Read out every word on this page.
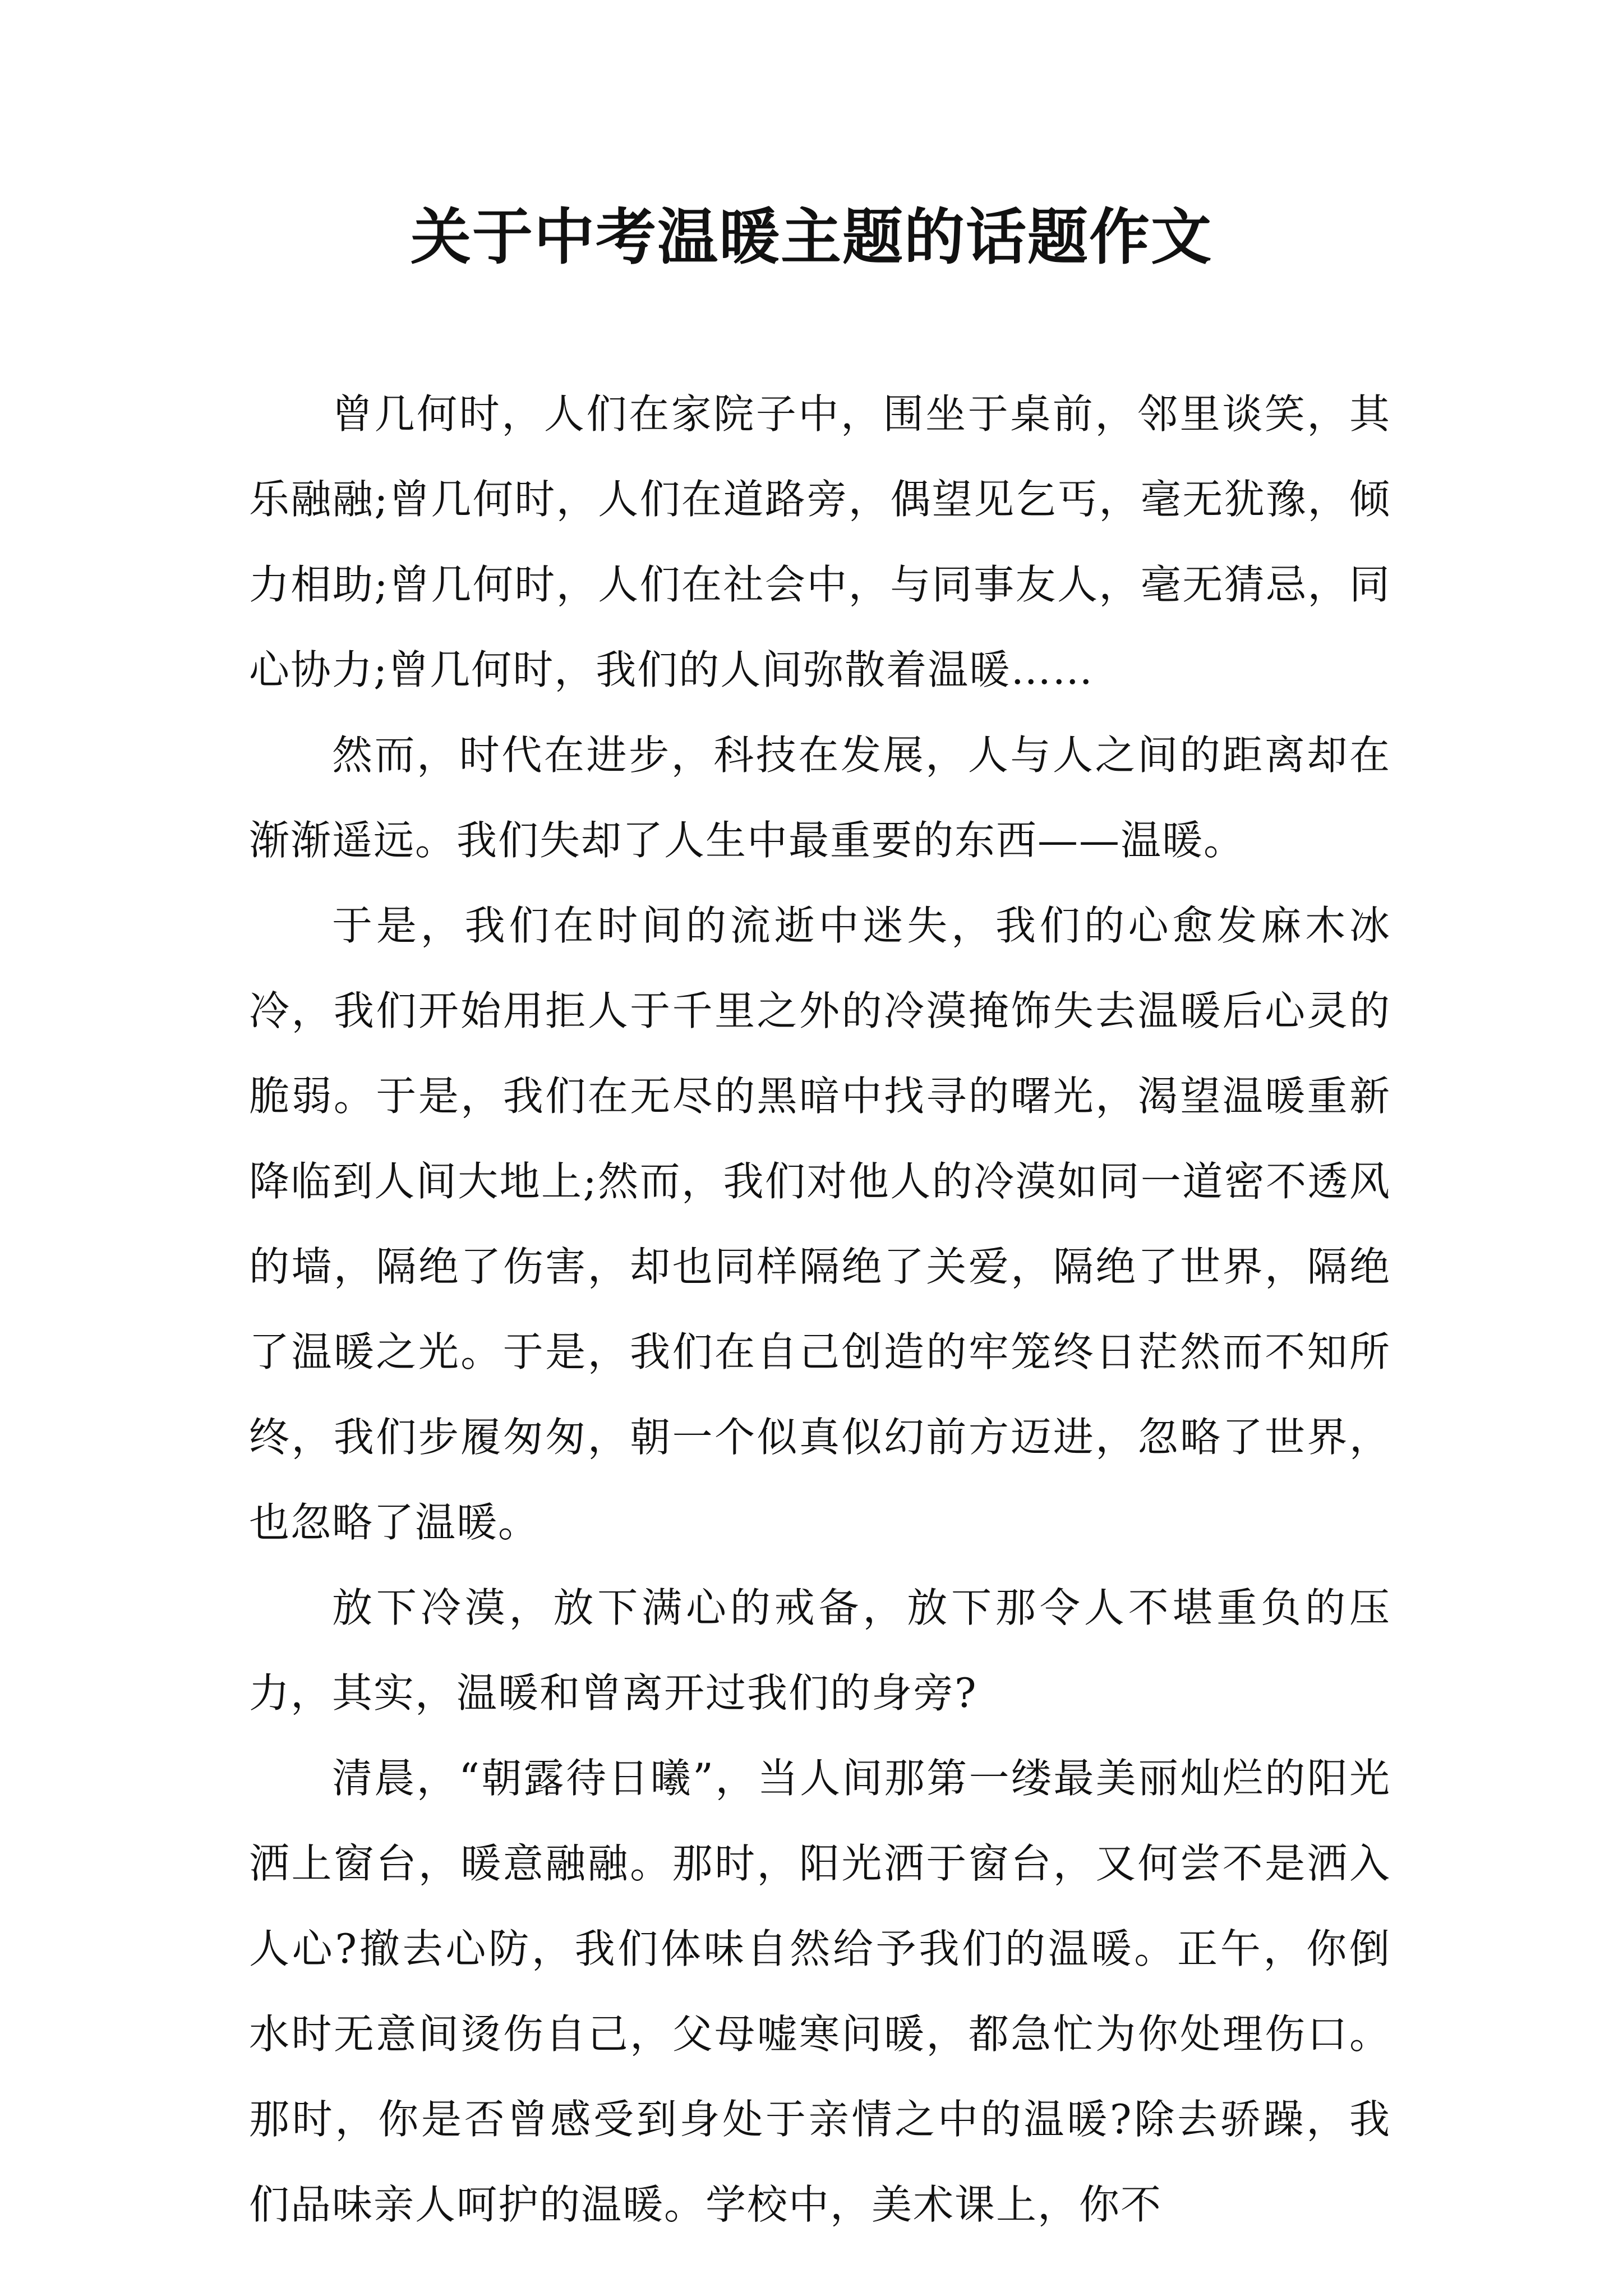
关于中考温暖主题的话题作文

曾几何时，人们在家院子中，围坐于桌前，邻里谈笑，其乐融融;曾几何时，人们在道路旁，偶望见乞丐，毫无犹豫，倾力相助;曾几何时，人们在社会中，与同事友人，毫无猜忌，同心协力;曾几何时，我们的人间弥散着温暖……

然而，时代在进步，科技在发展，人与人之间的距离却在渐渐遥远。我们失却了人生中最重要的东西——温暖。

于是，我们在时间的流逝中迷失，我们的心愈发麻木冰冷，我们开始用拒人于千里之外的冷漠掩饰失去温暖后心灵的脆弱。于是，我们在无尽的黑暗中找寻的曙光，渴望温暖重新降临到人间大地上;然而，我们对他人的冷漠如同一道密不透风的墙，隔绝了伤害，却也同样隔绝了关爱，隔绝了世界，隔绝了温暖之光。于是，我们在自己创造的牢笼终日茫然而不知所终，我们步履匆匆，朝一个似真似幻前方迈进，忽略了世界，也忽略了温暖。

放下冷漠，放下满心的戒备，放下那令人不堪重负的压力，其实，温暖和曾离开过我们的身旁?

清晨，“朝露待日曦”，当人间那第一缕最美丽灿烂的阳光洒上窗台，暖意融融。那时，阳光洒于窗台，又何尝不是洒入人心?撤去心防，我们体味自然给予我们的温暖。正午，你倒水时无意间烫伤自己，父母嘘寒问暖，都急忙为你处理伤口。那时，你是否曾感受到身处于亲情之中的温暖?除去骄躁，我们品味亲人呵护的温暖。学校中，美术课上，你不
